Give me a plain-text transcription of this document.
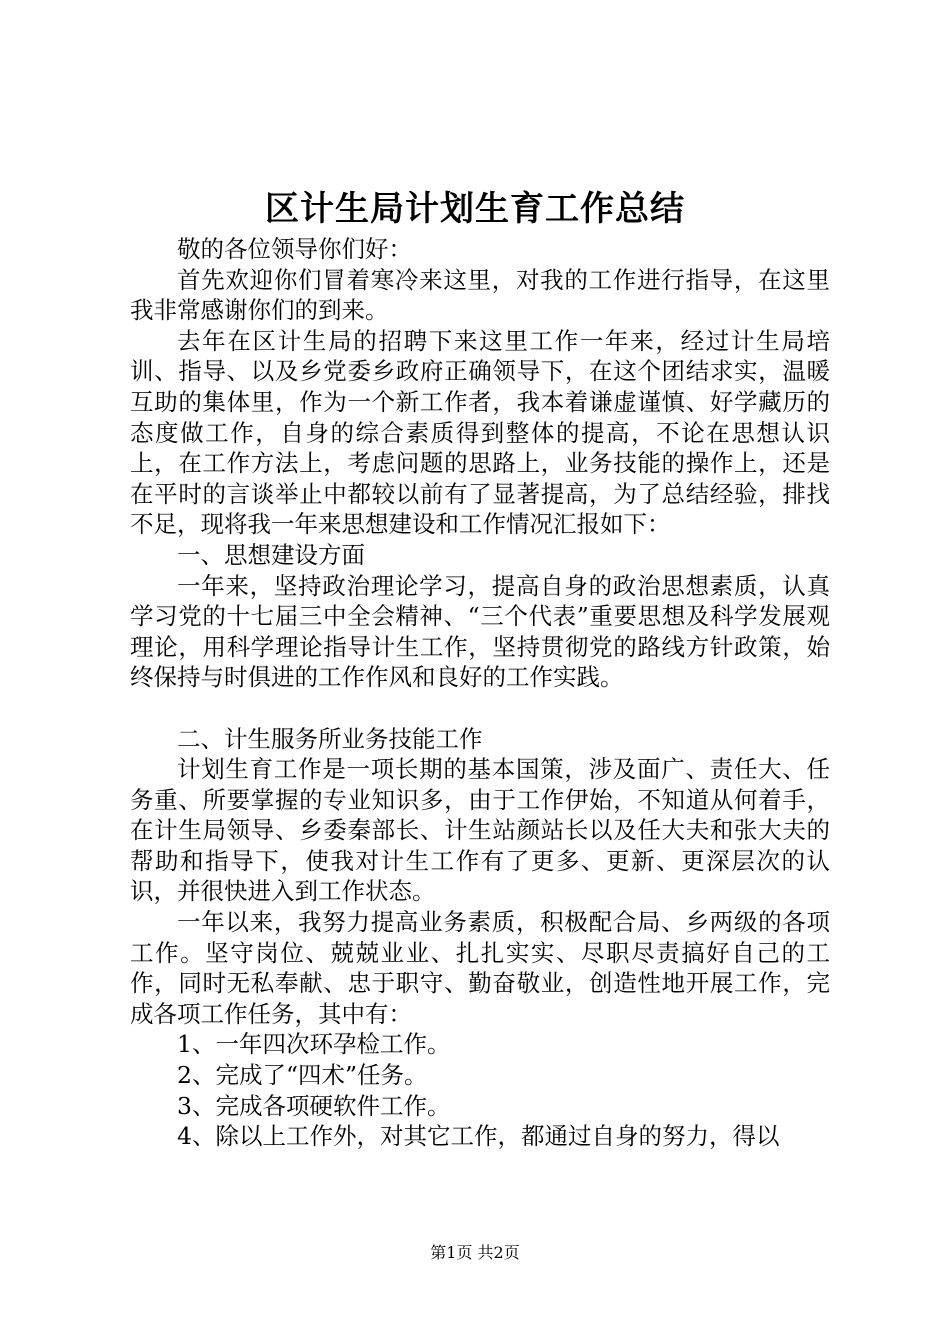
区计生局计划生育工作总结

敬的各位领导你们好：

首先欢迎你们冒着寒冷来这里，对我的工作进行指导，在这里我非常感谢你们的到来。

去年在区计生局的招聘下来这里工作一年来，经过计生局培训、指导、以及乡党委乡政府正确领导下，在这个团结求实，温暖互助的集体里，作为一个新工作者，我本着谦虚谨慎、好学藏历的态度做工作，自身的综合素质得到整体的提高，不论在思想认识上，在工作方法上，考虑问题的思路上，业务技能的操作上，还是在平时的言谈举止中都较以前有了显著提高，为了总结经验，排找不足，现将我一年来思想建设和工作情况汇报如下：

一、思想建设方面

一年来，坚持政治理论学习，提高自身的政治思想素质，认真学习党的十七届三中全会精神、“三个代表”重要思想及科学发展观理论，用科学理论指导计生工作，坚持贯彻党的路线方针政策，始终保持与时俱进的工作作风和良好的工作实践。

二、计生服务所业务技能工作

计划生育工作是一项长期的基本国策，涉及面广、责任大、任务重、所要掌握的专业知识多，由于工作伊始，不知道从何着手，在计生局领导、乡委秦部长、计生站颜站长以及任大夫和张大夫的帮助和指导下，使我对计生工作有了更多、更新、更深层次的认识，并很快进入到工作状态。

一年以来，我努力提高业务素质，积极配合局、乡两级的各项工作。坚守岗位、兢兢业业、扎扎实实、尽职尽责搞好自己的工作，同时无私奉献、忠于职守、勤奋敬业，创造性地开展工作，完成各项工作任务，其中有：

1、一年四次环孕检工作。

2、完成了“四术”任务。

3、完成各项硬软件工作。

4、除以上工作外，对其它工作，都通过自身的努力，得以

第1页 共2页
